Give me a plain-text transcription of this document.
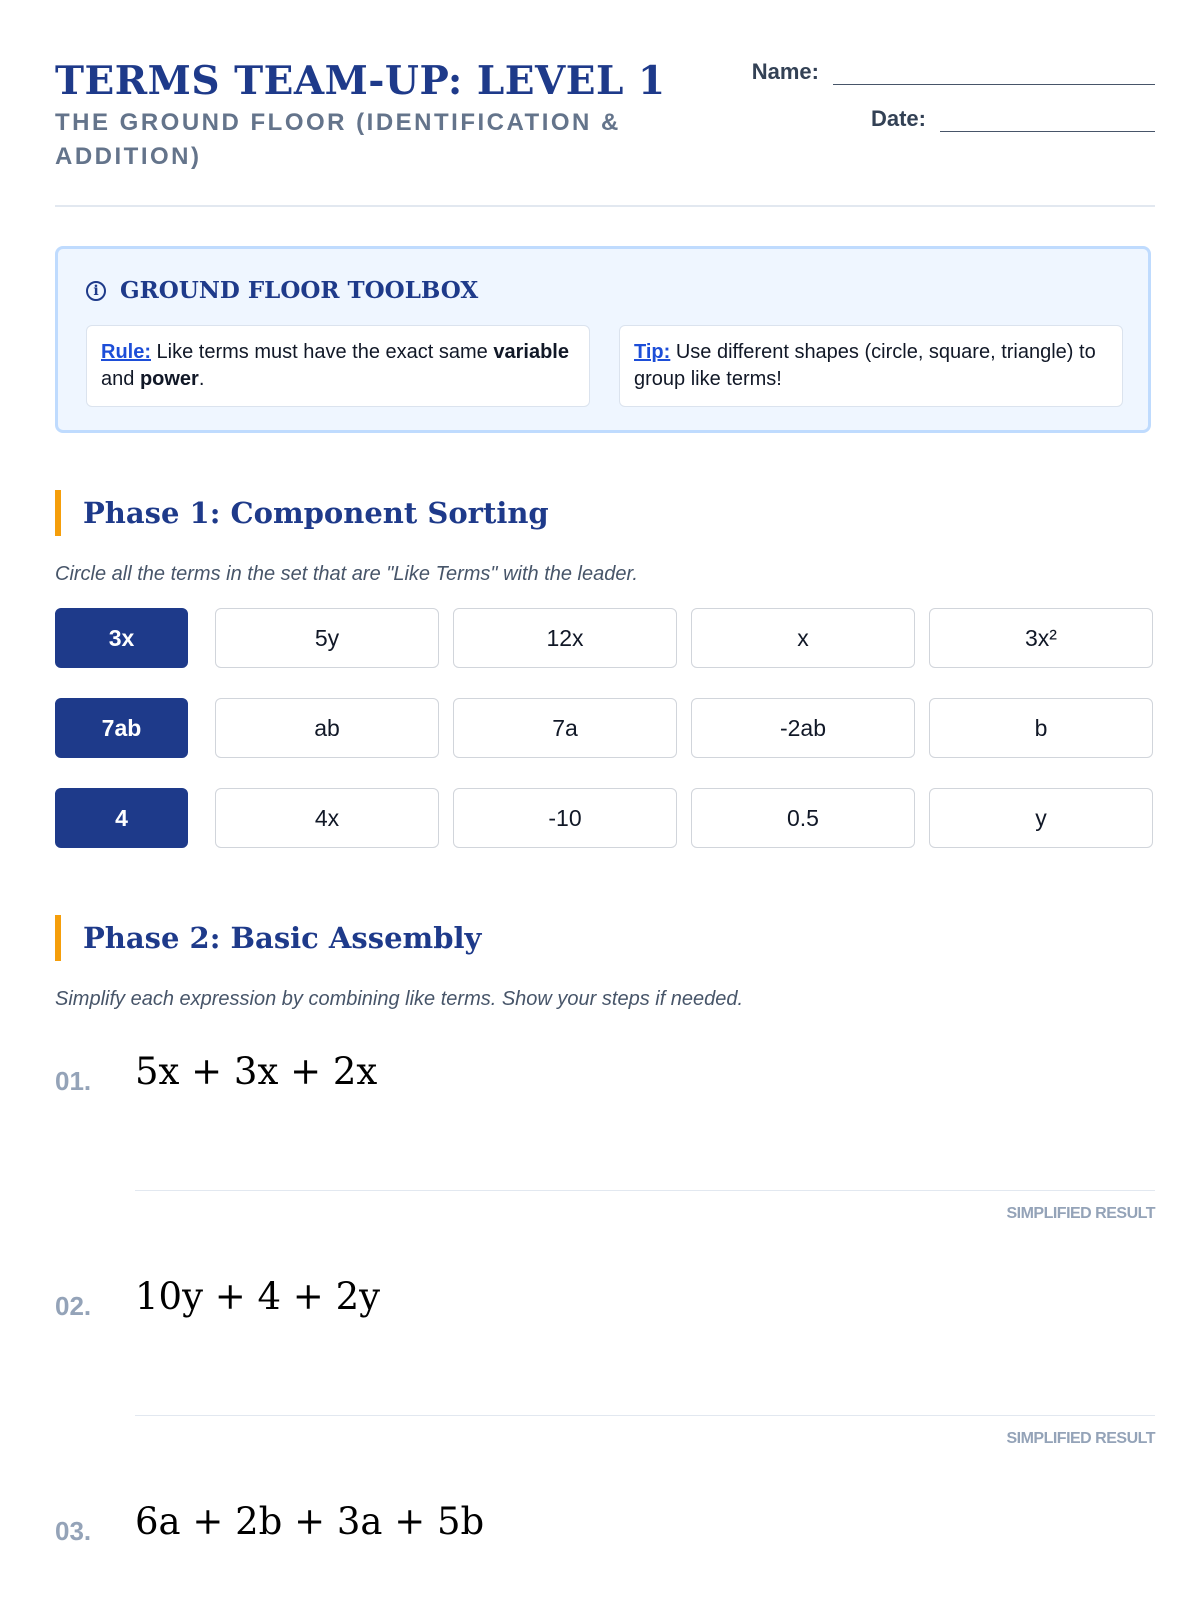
TERMS TEAM-UP: LEVEL 1

THE GROUND FLOOR (IDENTIFICATION & ADDITION)

Name:
Date:
i GROUND FLOOR TOOLBOX
Rule: Like terms must have the exact same variable and power.
Tip: Use different shapes (circle, square, triangle) to group like terms!
Phase 1: Component Sorting
Circle all the terms in the set that are "Like Terms" with the leader.
3x	5y	12x	x	3x²
7ab	ab	7a	-2ab	b
4	4x	-10	0.5	y
Phase 2: Basic Assembly
Simplify each expression by combining like terms. Show your steps if needed.
01. 5x + 3x + 2x
SIMPLIFIED RESULT
02. 10y + 4 + 2y
SIMPLIFIED RESULT
03. 6a + 2b + 3a + 5b
